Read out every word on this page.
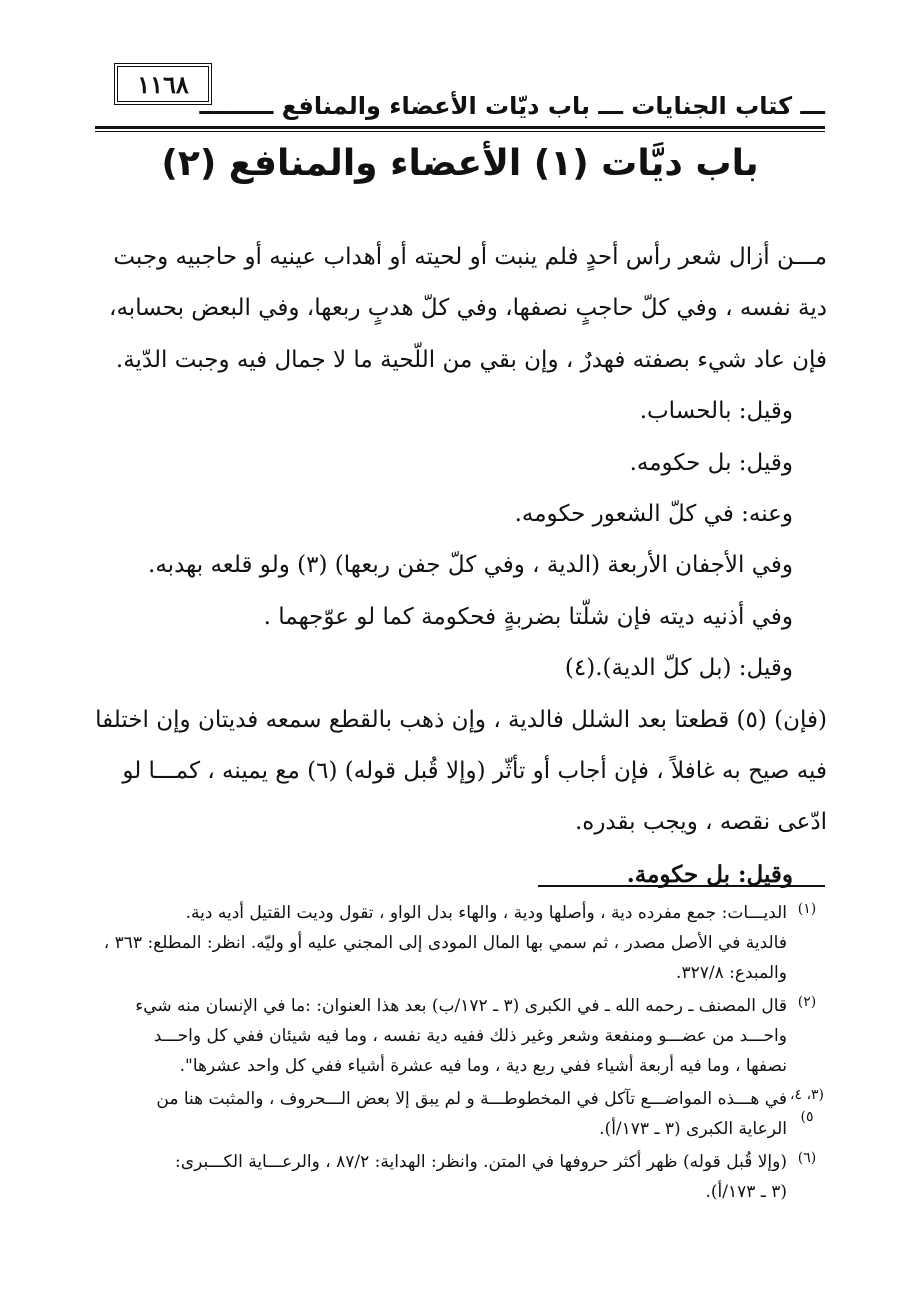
١١٦٨
ـــ كتاب الجنايات ـــ باب ديّات الأعضاء والمنافع ـــــــــ
باب ديَّات (١) الأعضاء والمنافع (٢)
مـــن أزال شعر رأس أحدٍ فلم ينبت أو لحيته أو أهداب عينيه أو حاجبيه وجبت
دية نفسه ، وفي كلّ حاجبٍ نصفها، وفي كلّ هدبٍ ربعها، وفي البعض بحسابه،
فإن عاد شيء بصفته فهدرٌ ، وإن بقي من اللّحية ما لا جمال فيه وجبت الدّية.
وقيل: بالحساب.
وقيل: بل حكومه.
وعنه: في كلّ الشعور حكومه.
وفي الأجفان الأربعة (الدية ، وفي كلّ جفن ربعها) (٣) ولو قلعه بهدبه.
وفي أذنيه ديته فإن شلّتا بضربةٍ فحكومة كما لو عوّجهما .
وقيل: (بل كلّ الدية).(٤)
(فإن) (٥) قطعتا بعد الشلل فالدية ، وإن ذهب بالقطع سمعه فديتان وإن اختلفا
فيه صيح به غافلاً ، فإن أجاب أو تأثّر (وإلا قُبل قوله) (٦) مع يمينه ، كمـــا لو
ادّعى نقصه ، ويجب بقدره.
وقيل: بل حكومة.
(١)
الديـــات: جمع مفرده دية ، وأصلها ودية ، والهاء بدل الواو ، تقول وديت القتيل أديه دية.
فالدية في الأصل مصدر ، ثم سمي بها المال المودى إلى المجني عليه أو وليّه. انظر: المطلع: ٣٦٣ ،
والمبدع: ٣٢٧/٨.
(٢)
قال المصنف ـ رحمه الله ـ في الكبرى (٣ ـ ١٧٢/ب) بعد هذا العنوان: :ما في الإنسان منه شيء
واحـــد من عضـــو ومنفعة وشعر وغير ذلك ففيه دية نفسه ، وما فيه شيئان ففي كل واحـــد
نصفها ، وما فيه أربعة أشياء ففي ربع دية ، وما فيه عشرة أشياء ففي كل واحد عشرها".
(٣، ٤، ٥)
في هـــذه المواضـــع تآكل في المخطوطـــة و لم يبق إلا بعض الـــحروف ، والمثبت هنا من
الرعاية الكبرى (٣ ـ ١٧٣/أ).
(٦)
(وإلا قُبل قوله) ظهر أكثر حروفها في المتن. وانظر: الهداية: ٨٧/٢ ، والرعـــاية الكـــبرى:
(٣ ـ ١٧٣/أ).
